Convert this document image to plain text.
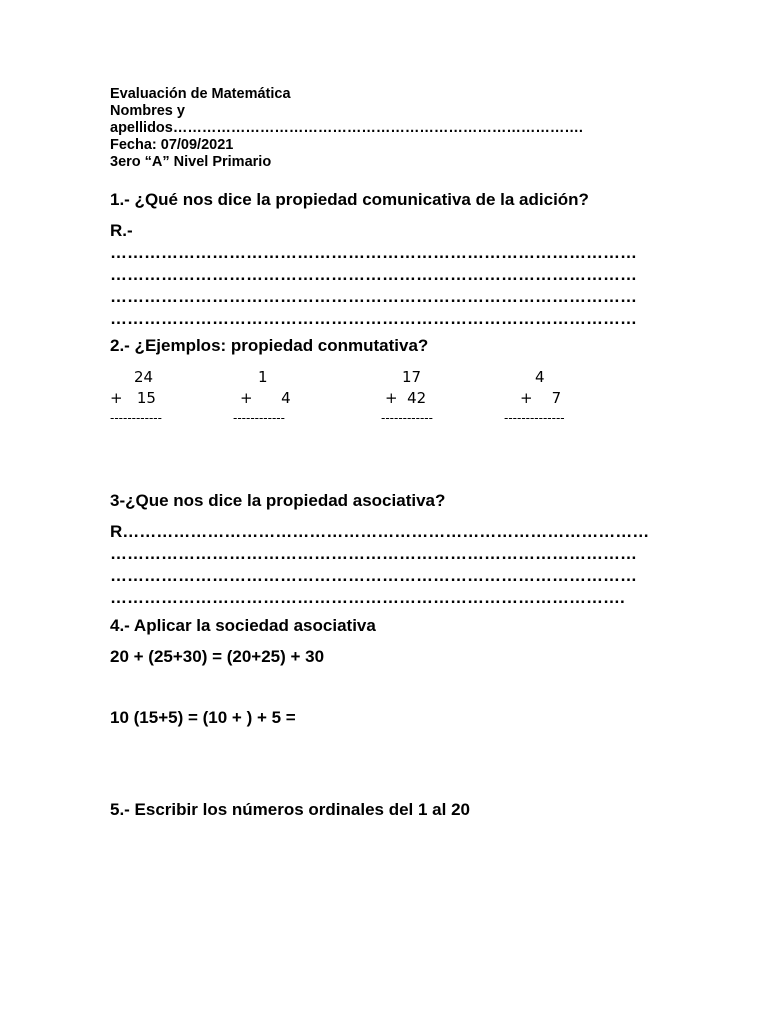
Evaluación de Matemática
Nombres y
apellidos………………………………………………………………………….
Fecha: 07/09/2021
3ero “A” Nivel Primario
1.- ¿Qué nos dice la propiedad comunicativa de la adición?
R.-
…………………………………………………………………………………
…………………………………………………………………………………
…………………………………………………………………………………
…………………………………………………………………………………
2.- ¿Ejemplos: propiedad conmutativa?
24
+   15
------------
1
+      4
------------
17
+  42
------------
4
+    7
--------------
3-¿Que nos dice la propiedad asociativa?
R…………………………………………………………………………………
…………………………………………………………………………………
…………………………………………………………………………………
……………………………………………………………………………….
4.- Aplicar la sociedad asociativa
20 + (25+30) = (20+25) + 30
10 (15+5) = (10 + ) + 5 =
5.- Escribir los números ordinales del 1 al 20
